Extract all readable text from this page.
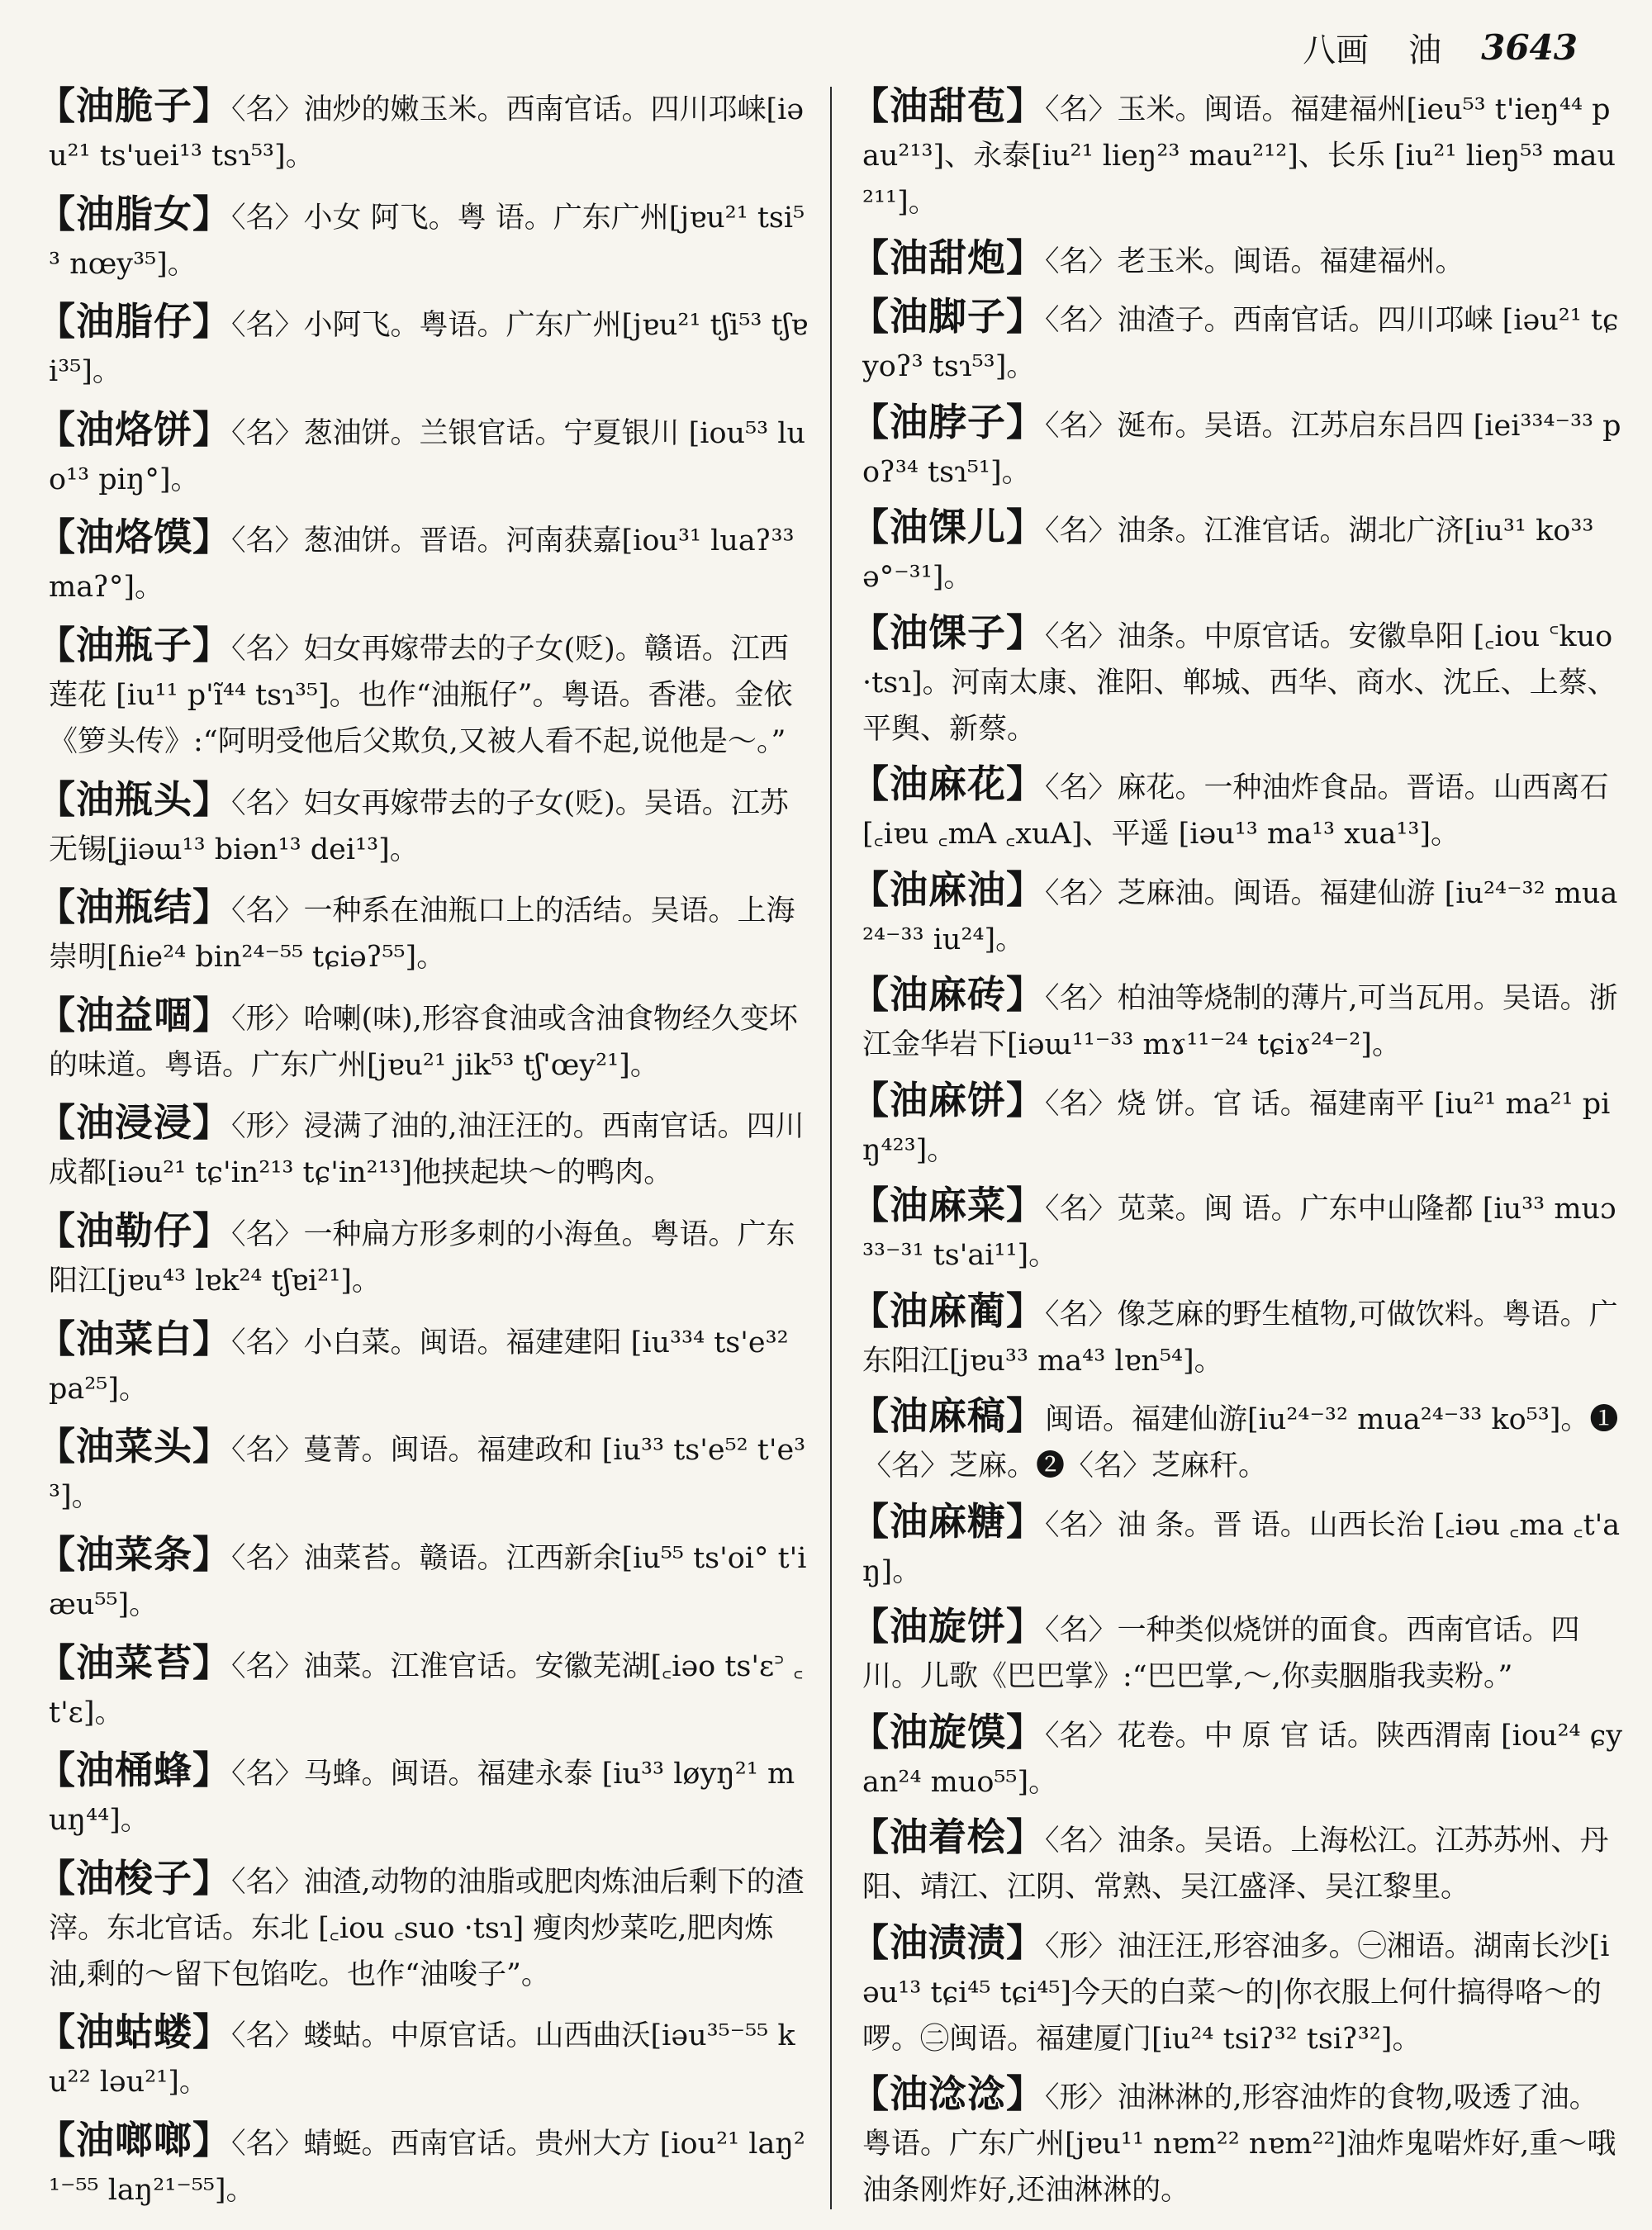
八画 油 3643
【油脆子】〈名〉油炒的嫩玉米。西南官话。四川邛崃[iəu²¹ ts'uei¹³ tsɿ⁵³]。
【油脂女】〈名〉小女 阿飞。粤 语。广东广州[jɐu²¹ tsi⁵³ nœy³⁵]。
【油脂仔】〈名〉小阿飞。粤语。广东广州[jɐu²¹ tʃi⁵³ tʃɐi³⁵]。
【油烙饼】〈名〉葱油饼。兰银官话。宁夏银川 [iou⁵³ luo¹³ piŋ°]。
【油烙馍】〈名〉葱油饼。晋语。河南获嘉[iou³¹ luaʔ³³ maʔ°]。
【油瓶子】〈名〉妇女再嫁带去的子女(贬)。赣语。江西莲花 [iu¹¹ p'ĩ⁴⁴ tsɿ³⁵]。也作“油瓶仔”。粤语。香港。金依《箩头传》:“阿明受他后父欺负,又被人看不起,说他是～。”
【油瓶头】〈名〉妇女再嫁带去的子女(贬)。吴语。江苏无锡[ʝiəɯ¹³ biən¹³ dei¹³]。
【油瓶结】〈名〉一种系在油瓶口上的活结。吴语。上海崇明[ɦie²⁴ bin²⁴⁻⁵⁵ tɕiəʔ⁵⁵]。
【油益𠴱】〈形〉哈喇(味),形容食油或含油食物经久变坏的味道。粤语。广东广州[jɐu²¹ jik⁵³ tʃ'œy²¹]。
【油浸浸】〈形〉浸满了油的,油汪汪的。西南官话。四川成都[iəu²¹ tɕ'in²¹³ tɕ'in²¹³]他挟起块～的鸭肉。
【油勒仔】〈名〉一种扁方形多刺的小海鱼。粤语。广东阳江[jɐu⁴³ lɐk²⁴ tʃɐi²¹]。
【油菜白】〈名〉小白菜。闽语。福建建阳 [iu³³⁴ ts'e³² pa²⁵]。
【油菜头】〈名〉蔓菁。闽语。福建政和 [iu³³ ts'e⁵² t'e³³]。
【油菜条】〈名〉油菜苔。赣语。江西新余[iu⁵⁵ ts'oi° t'iæu⁵⁵]。
【油菜苔】〈名〉油菜。江淮官话。安徽芜湖[꜀iəo ts'ɛ꜄ ꜀t'ɛ]。
【油桶蜂】〈名〉马蜂。闽语。福建永泰 [iu³³ løyŋ²¹ muŋ⁴⁴]。
【油梭子】〈名〉油渣,动物的油脂或肥肉炼油后剩下的渣滓。东北官话。东北 [꜀iou ꜀suo ·tsɿ] 瘦肉炒菜吃,肥肉炼油,剩的～留下包馅吃。也作“油唆子”。
【油蛄蝼】〈名〉蝼蛄。中原官话。山西曲沃[iəu³⁵⁻⁵⁵ ku²² ləu²¹]。
【油啷啷】〈名〉蜻蜓。西南官话。贵州大方 [iou²¹ laŋ²¹⁻⁵⁵ laŋ²¹⁻⁵⁵]。
【油甜苞】〈名〉玉米。闽语。福建福州[ieu⁵³ t'ieŋ⁴⁴ pau²¹³]、永泰[iu²¹ lieŋ²³ mau²¹²]、长乐 [iu²¹ lieŋ⁵³ mau²¹¹]。
【油甜炮】〈名〉老玉米。闽语。福建福州。
【油脚子】〈名〉油渣子。西南官话。四川邛崃 [iəu²¹ tɕyoʔ³ tsɿ⁵³]。
【油脖子】〈名〉涎布。吴语。江苏启东吕四 [iei³³⁴⁻³³ poʔ³⁴ tsɿ⁵¹]。
【油馃儿】〈名〉油条。江淮官话。湖北广济[iu³¹ ko³³ ə°⁻³¹]。
【油馃子】〈名〉油条。中原官话。安徽阜阳 [꜀iou ꜂kuo ·tsɿ]。河南太康、淮阳、郸城、西华、商水、沈丘、上蔡、平舆、新蔡。
【油麻花】〈名〉麻花。一种油炸食品。晋语。山西离石 [꜀iɐu ꜀mA ꜀xuA]、平遥 [iəu¹³ ma¹³ xua¹³]。
【油麻油】〈名〉芝麻油。闽语。福建仙游 [iu²⁴⁻³² mua²⁴⁻³³ iu²⁴]。
【油麻砖】〈名〉柏油等烧制的薄片,可当瓦用。吴语。浙江金华岩下[iəɯ¹¹⁻³³ mɤ¹¹⁻²⁴ tɕiɤ²⁴⁻²]。
【油麻饼】〈名〉烧 饼。官 话。福建南平 [iu²¹ ma²¹ piŋ⁴²³]。
【油麻菜】〈名〉苋菜。闽 语。广东中山隆都 [iu³³ muɔ³³⁻³¹ ts'ai¹¹]。
【油麻蔺】〈名〉像芝麻的野生植物,可做饮料。粤语。广东阳江[jɐu³³ ma⁴³ lɐn⁵⁴]。
【油麻稿】闽语。福建仙游[iu²⁴⁻³² mua²⁴⁻³³ ko⁵³]。❶〈名〉芝麻。❷〈名〉芝麻秆。
【油麻糖】〈名〉油 条。晋 语。山西长治 [꜀iəu ꜀ma ꜀t'aŋ]。
【油旋饼】〈名〉一种类似烧饼的面食。西南官话。四川。儿歌《巴巴掌》:“巴巴掌,～,你卖胭脂我卖粉。”
【油旋馍】〈名〉花卷。中 原 官 话。陕西渭南 [iou²⁴ ɕyan²⁴ muo⁵⁵]。
【油着桧】〈名〉油条。吴语。上海松江。江苏苏州、丹阳、靖江、江阴、常熟、吴江盛泽、吴江黎里。
【油渍渍】〈形〉油汪汪,形容油多。㊀湘语。湖南长沙[iəu¹³ tɕi⁴⁵ tɕi⁴⁵]今天的白菜～的|你衣服上何什搞得咯～的啰。㊁闽语。福建厦门[iu²⁴ tsiʔ³² tsiʔ³²]。
【油淰淰】〈形〉油淋淋的,形容油炸的食物,吸透了油。粤语。广东广州[jɐu¹¹ nɐm²² nɐm²²]油炸鬼啱炸好,重～哦油条刚炸好,还油淋淋的。
